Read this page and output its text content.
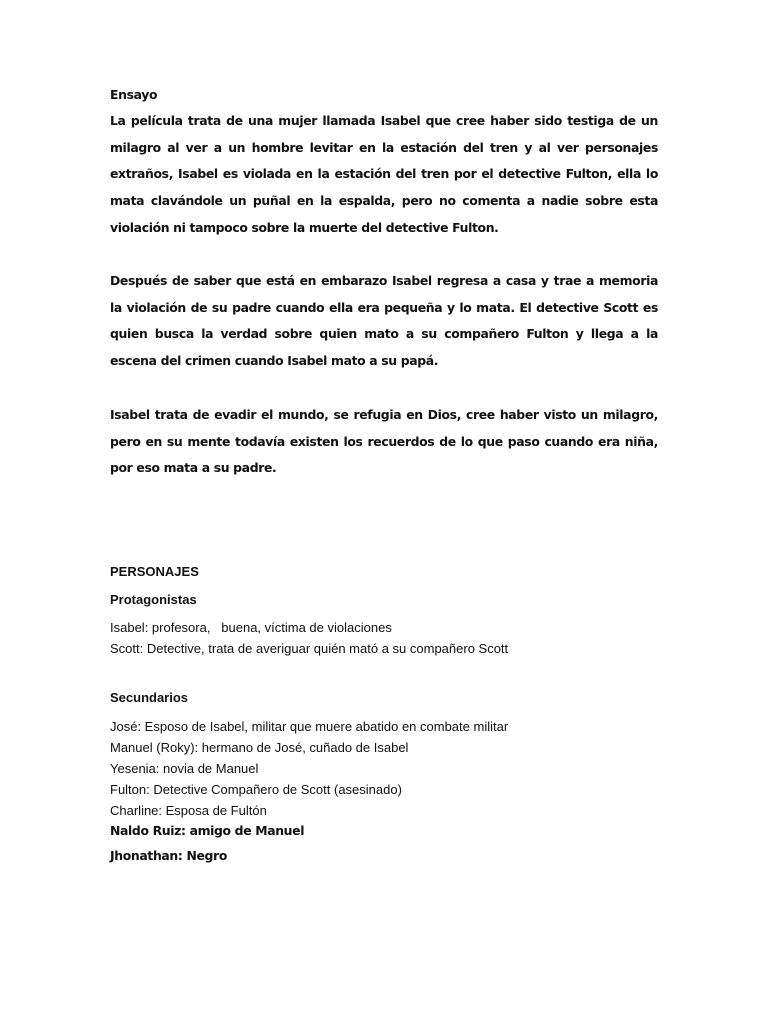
Ensayo

La película trata de una mujer llamada Isabel que cree haber sido testiga de un milagro al ver a un hombre levitar en la estación del tren y al ver personajes extraños, Isabel es violada en la estación del tren por el detective Fulton, ella lo mata clavándole un puñal en la espalda, pero no comenta a nadie sobre esta violación ni tampoco sobre la muerte del detective Fulton.

Después de saber que está en embarazo Isabel regresa a casa y trae a memoria la violación de su padre cuando ella era pequeña y lo mata. El detective Scott es quien busca la verdad sobre quien mato a su compañero Fulton y llega a la escena del crimen cuando Isabel mato a su papá.

Isabel trata de evadir el mundo, se refugia en Dios, cree haber visto un milagro, pero en su mente todavía existen los recuerdos de lo que paso cuando era niña, por eso mata a su padre.

PERSONAJES
Protagonistas
Isabel: profesora,   buena, víctima de violaciones
Scott: Detective, trata de averiguar quién mató a su compañero Scott
Secundarios
José: Esposo de Isabel, militar que muere abatido en combate militar
Manuel (Roky): hermano de José, cuñado de Isabel
Yesenia: novia de Manuel
Fulton: Detective Compañero de Scott (asesinado)
Charline: Esposa de Fultón
Naldo Ruiz: amigo de Manuel
Jhonathan: Negro
